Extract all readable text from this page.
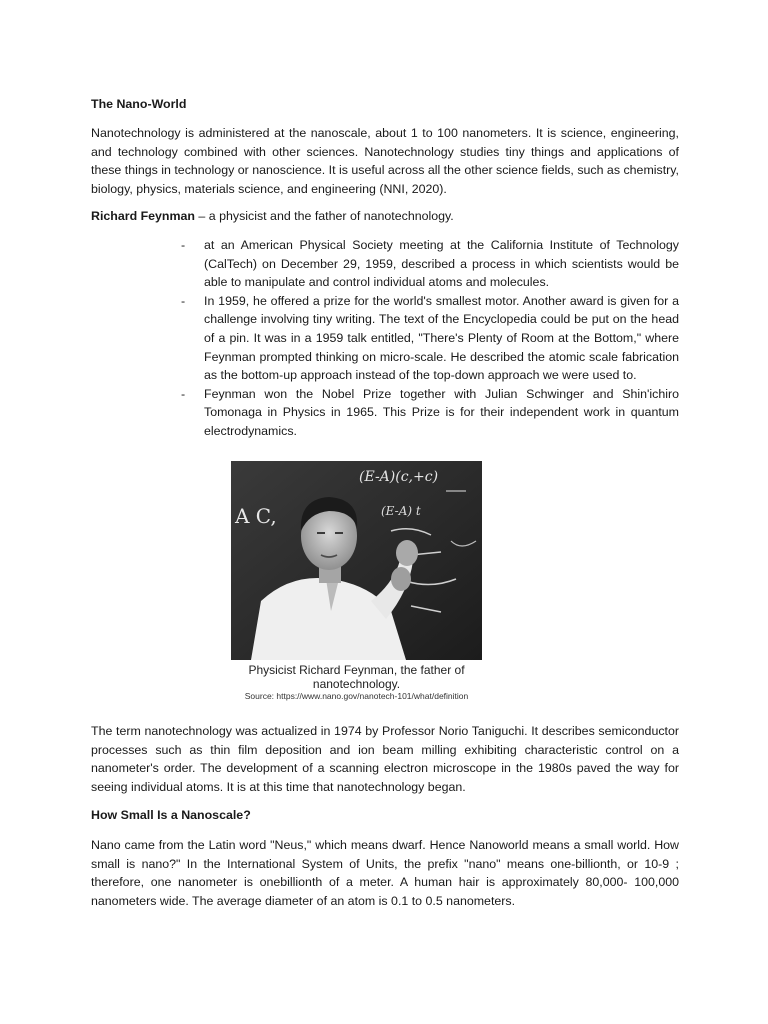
The Nano-World

Nanotechnology is administered at the nanoscale, about 1 to 100 nanometers. It is science, engineering, and technology combined with other sciences. Nanotechnology studies tiny things and applications of these things in technology or nanoscience. It is useful across all the other science fields, such as chemistry, biology, physics, materials science, and engineering (NNI, 2020).

Richard Feynman – a physicist and the father of nanotechnology.

- at an American Physical Society meeting at the California Institute of Technology (CalTech) on December 29, 1959, described a process in which scientists would be able to manipulate and control individual atoms and molecules.
- In 1959, he offered a prize for the world's smallest motor. Another award is given for a challenge involving tiny writing. The text of the Encyclopedia could be put on the head of a pin. It was in a 1959 talk entitled, "There's Plenty of Room at the Bottom," where Feynman prompted thinking on micro-scale. He described the atomic scale fabrication as the bottom-up approach instead of the top-down approach we were used to.
- Feynman won the Nobel Prize together with Julian Schwinger and Shin'ichiro Tomonaga in Physics in 1965. This Prize is for their independent work in quantum electrodynamics.
(E-A)(c,+c)
A C,	(E-A) t
Physicist Richard Feynman, the father of nanotechnology.
Source: https://www.nano.gov/nanotech-101/what/definition

The term nanotechnology was actualized in 1974 by Professor Norio Taniguchi. It describes semiconductor processes such as thin film deposition and ion beam milling exhibiting characteristic control on a nanometer's order. The development of a scanning electron microscope in the 1980s paved the way for seeing individual atoms. It is at this time that nanotechnology began.

How Small Is a Nanoscale?

Nano came from the Latin word "Neus," which means dwarf. Hence Nanoworld means a small world. How small is nano?" In the International System of Units, the prefix "nano" means one-billionth, or 10-9 ; therefore, one nanometer is onebillionth of a meter. A human hair is approximately 80,000- 100,000 nanometers wide. The average diameter of an atom is 0.1 to 0.5 nanometers.
